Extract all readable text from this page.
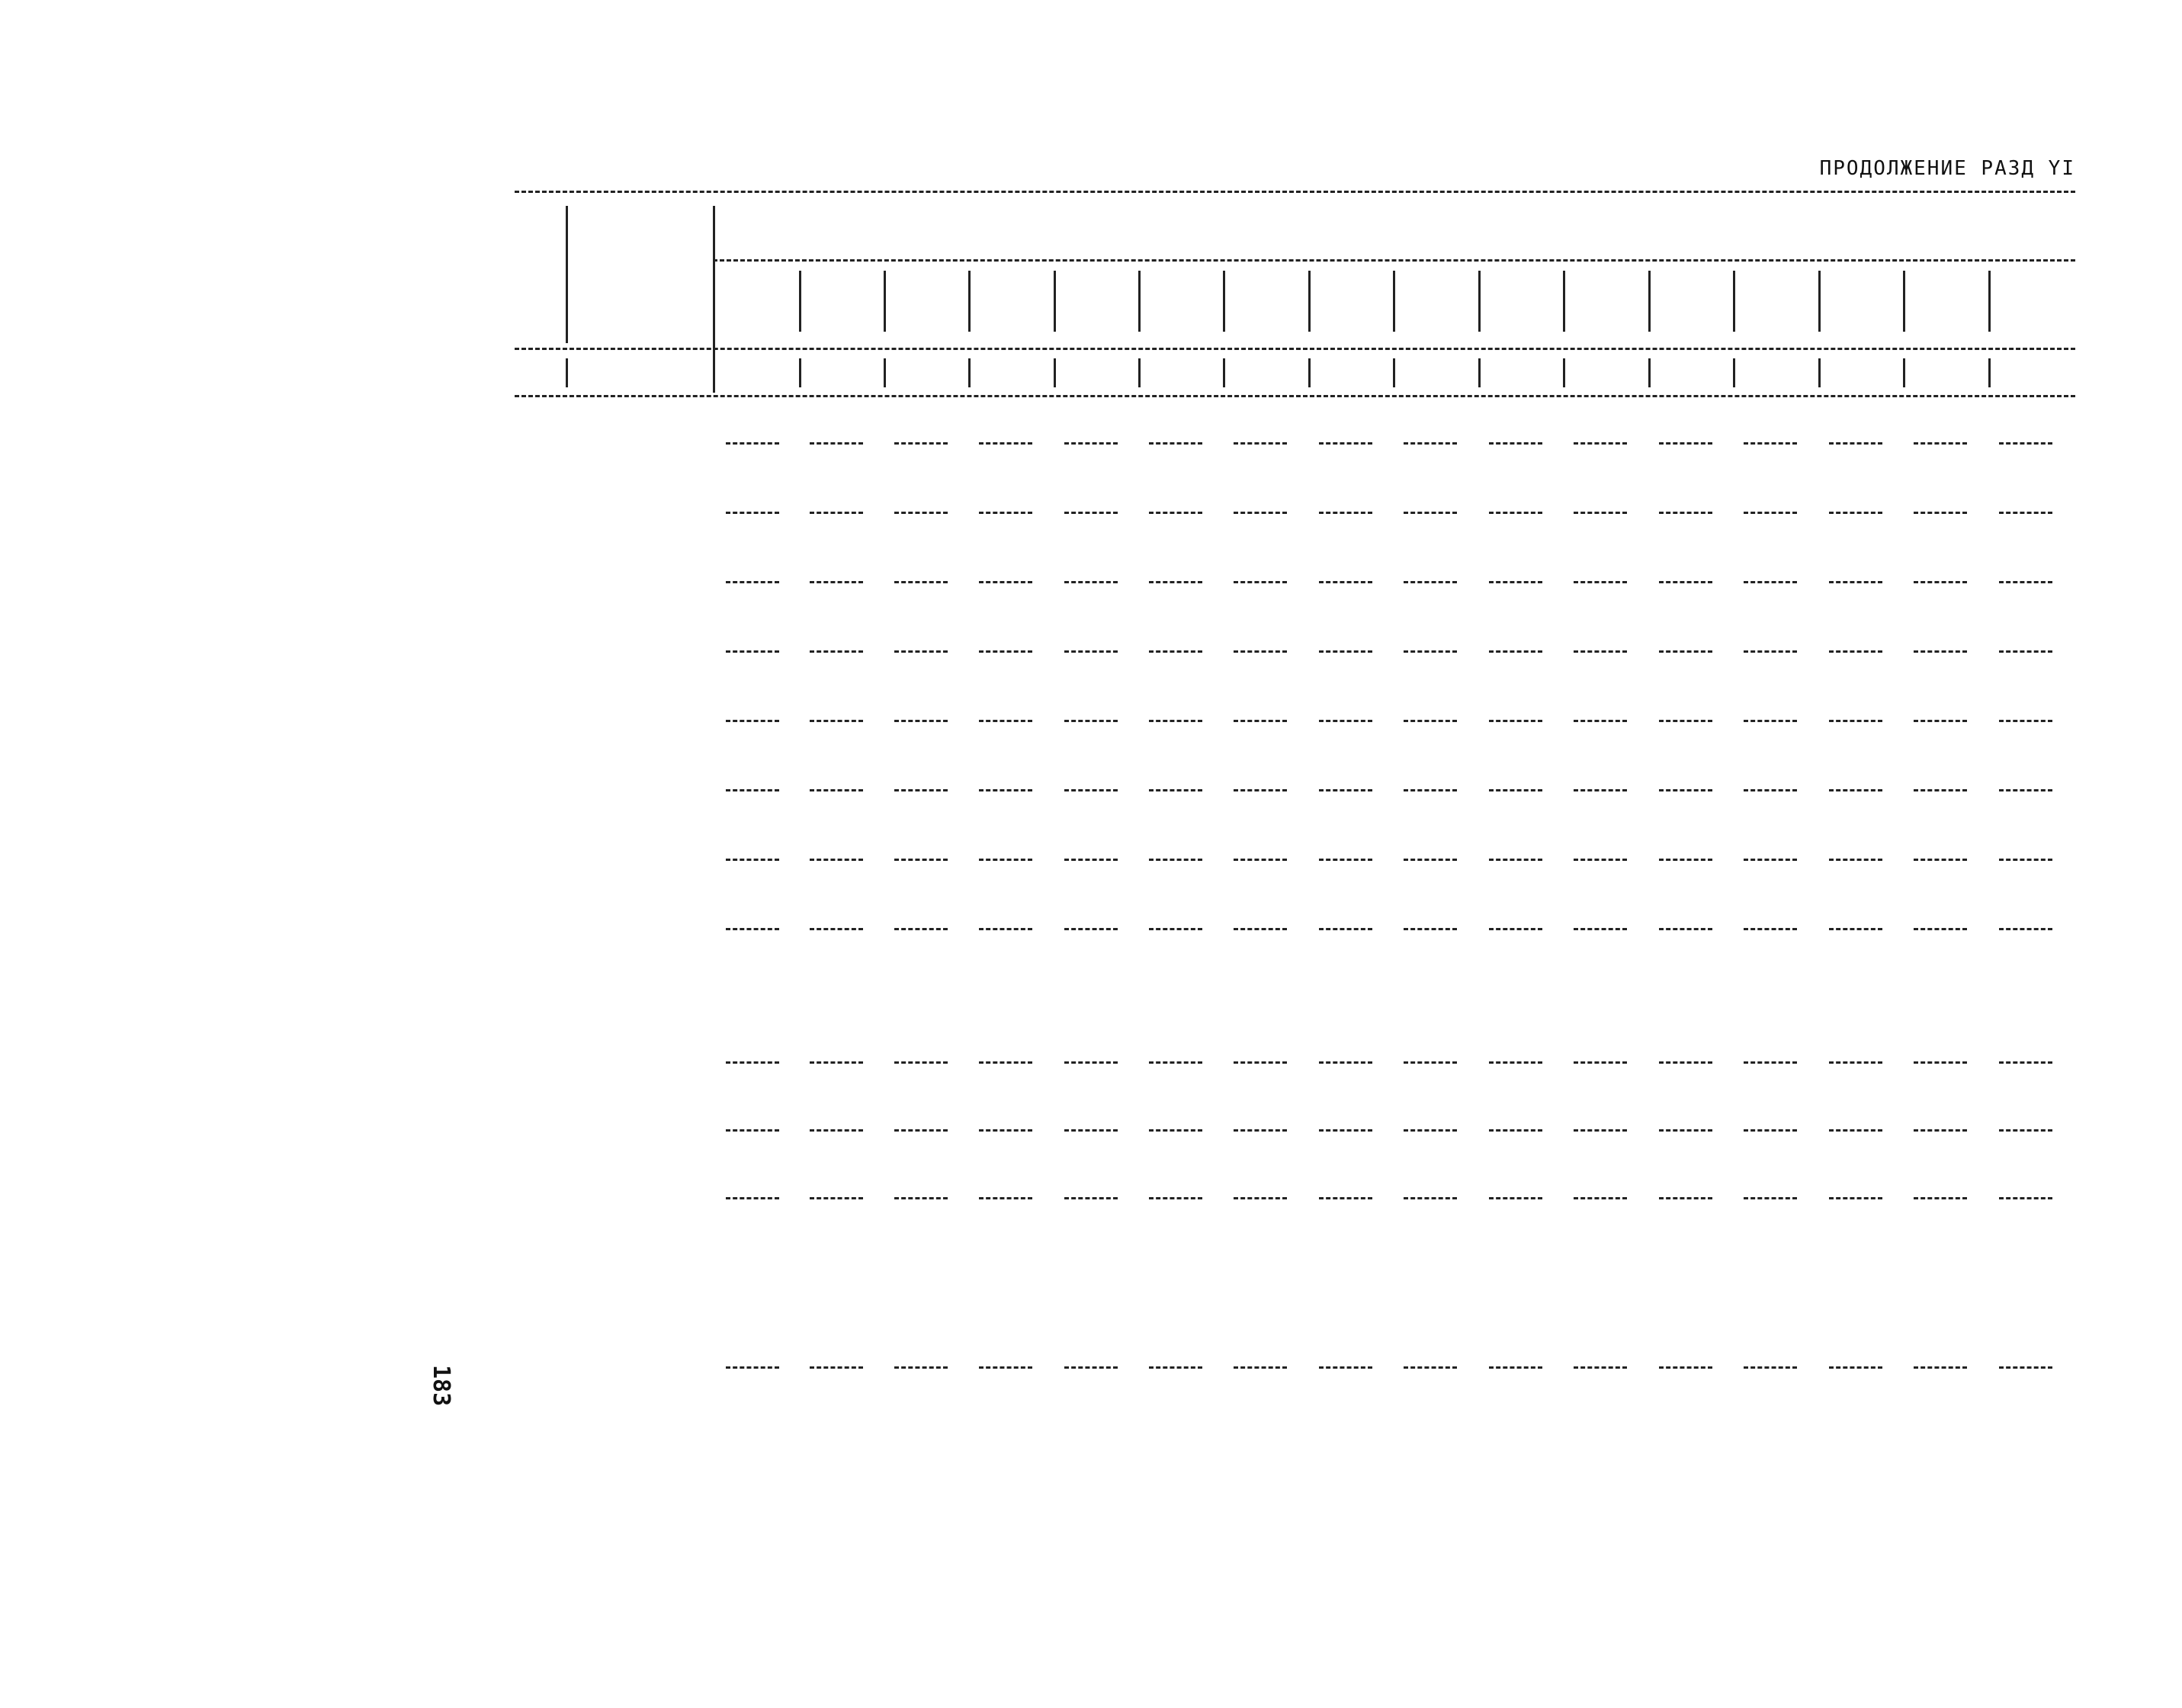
ПРОДОЛЖЕНИЕ РАЗД YI
183
